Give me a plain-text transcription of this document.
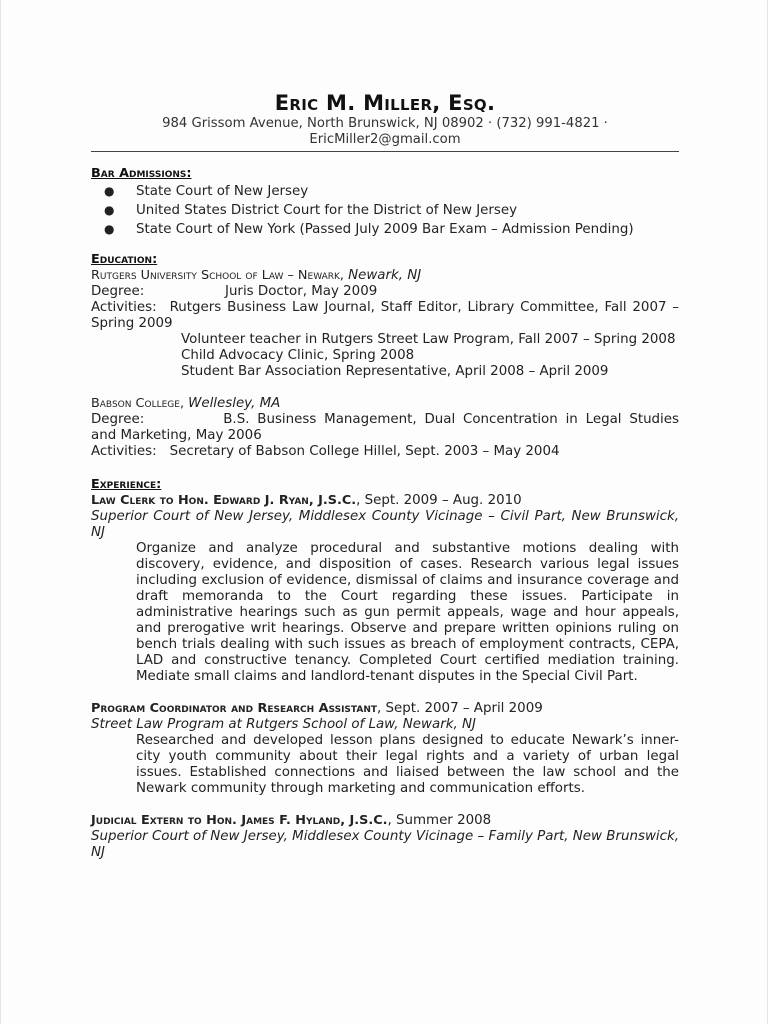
Eric M. Miller, Esq.
984 Grissom Avenue, North Brunswick, NJ 08902 · (732) 991-4821 ·
EricMiller2@gmail.com
Bar Admissions:
● State Court of New Jersey
● United States District Court for the District of New Jersey
● State Court of New York (Passed July 2009 Bar Exam – Admission Pending)
Education:
Rutgers University School of Law – Newark, Newark, NJ
Degree:	Juris Doctor, May 2009
Activities: Rutgers Business Law Journal, Staff Editor, Library Committee, Fall 2007 – Spring 2009
Volunteer teacher in Rutgers Street Law Program, Fall 2007 – Spring 2008
Child Advocacy Clinic, Spring 2008
Student Bar Association Representative, April 2008 – April 2009
Babson College, Wellesley, MA
Degree:	B.S. Business Management, Dual Concentration in Legal Studies and Marketing, May 2006
Activities: Secretary of Babson College Hillel, Sept. 2003 – May 2004
Experience:
Law Clerk to Hon. Edward J. Ryan, J.S.C., Sept. 2009 – Aug. 2010
Superior Court of New Jersey, Middlesex County Vicinage – Civil Part, New Brunswick, NJ
Organize and analyze procedural and substantive motions dealing with discovery, evidence, and disposition of cases. Research various legal issues including exclusion of evidence, dismissal of claims and insurance coverage and draft memoranda to the Court regarding these issues. Participate in administrative hearings such as gun permit appeals, wage and hour appeals, and prerogative writ hearings. Observe and prepare written opinions ruling on bench trials dealing with such issues as breach of employment contracts, CEPA, LAD and constructive tenancy. Completed Court certified mediation training. Mediate small claims and landlord-tenant disputes in the Special Civil Part.
Program Coordinator and Research Assistant, Sept. 2007 – April 2009
Street Law Program at Rutgers School of Law, Newark, NJ
Researched and developed lesson plans designed to educate Newark’s inner-city youth community about their legal rights and a variety of urban legal issues. Established connections and liaised between the law school and the Newark community through marketing and communication efforts.
Judicial Extern to Hon. James F. Hyland, J.S.C., Summer 2008
Superior Court of New Jersey, Middlesex County Vicinage – Family Part, New Brunswick, NJ
